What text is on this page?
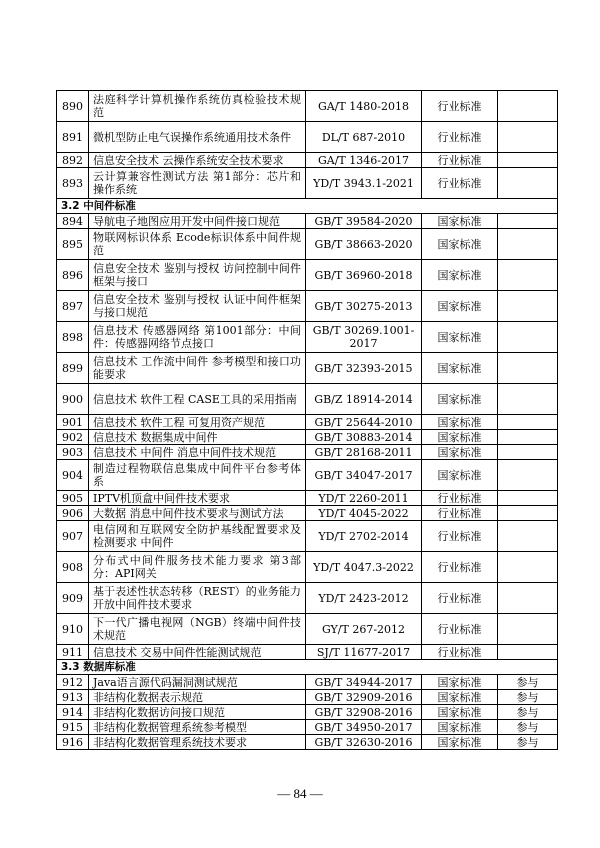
890	法庭科学计算机操作系统仿真检验技术规范	GA/T 1480-2018	行业标准	
891	微机型防止电气误操作系统通用技术条件	DL/T 687-2010	行业标准	
892	信息安全技术 云操作系统安全技术要求	GA/T 1346-2017	行业标准	
893	云计算兼容性测试方法 第1部分：芯片和操作系统	YD/T 3943.1-2021	行业标准	
3.2 中间件标准				
894	导航电子地图应用开发中间件接口规范	GB/T 39584-2020	国家标准	
895	物联网标识体系 Ecode标识体系中间件规范	GB/T 38663-2020	国家标准	
896	信息安全技术 鉴别与授权 访问控制中间件框架与接口	GB/T 36960-2018	国家标准	
897	信息安全技术 鉴别与授权 认证中间件框架与接口规范	GB/T 30275-2013	国家标准	
898	信息技术 传感器网络 第1001部分：中间件：传感器网络节点接口	GB/T 30269.1001-2017	国家标准	
899	信息技术 工作流中间件 参考模型和接口功能要求	GB/T 32393-2015	国家标准	
900	信息技术 软件工程 CASE工具的采用指南	GB/Z 18914-2014	国家标准	
901	信息技术 软件工程 可复用资产规范	GB/T 25644-2010	国家标准	
902	信息技术 数据集成中间件	GB/T 30883-2014	国家标准	
903	信息技术 中间件 消息中间件技术规范	GB/T 28168-2011	国家标准	
904	制造过程物联信息集成中间件平台参考体系	GB/T 34047-2017	国家标准	
905	IPTV机顶盒中间件技术要求	YD/T 2260-2011	行业标准	
906	大数据 消息中间件技术要求与测试方法	YD/T 4045-2022	行业标准	
907	电信网和互联网安全防护基线配置要求及检测要求 中间件	YD/T 2702-2014	行业标准	
908	分布式中间件服务技术能力要求 第3部分：API网关	YD/T 4047.3-2022	行业标准	
909	基于表述性状态转移（REST）的业务能力开放中间件技术要求	YD/T 2423-2012	行业标准	
910	下一代广播电视网（NGB）终端中间件技术规范	GY/T 267-2012	行业标准	
911	信息技术 交易中间件性能测试规范	SJ/T 11677-2017	行业标准	
3.3 数据库标准				
912	Java语言源代码漏洞测试规范	GB/T 34944-2017	国家标准	参与
913	非结构化数据表示规范	GB/T 32909-2016	国家标准	参与
914	非结构化数据访问接口规范	GB/T 32908-2016	国家标准	参与
915	非结构化数据管理系统参考模型	GB/T 34950-2017	国家标准	参与
916	非结构化数据管理系统技术要求	GB/T 32630-2016	国家标准	参与
— 84 —
